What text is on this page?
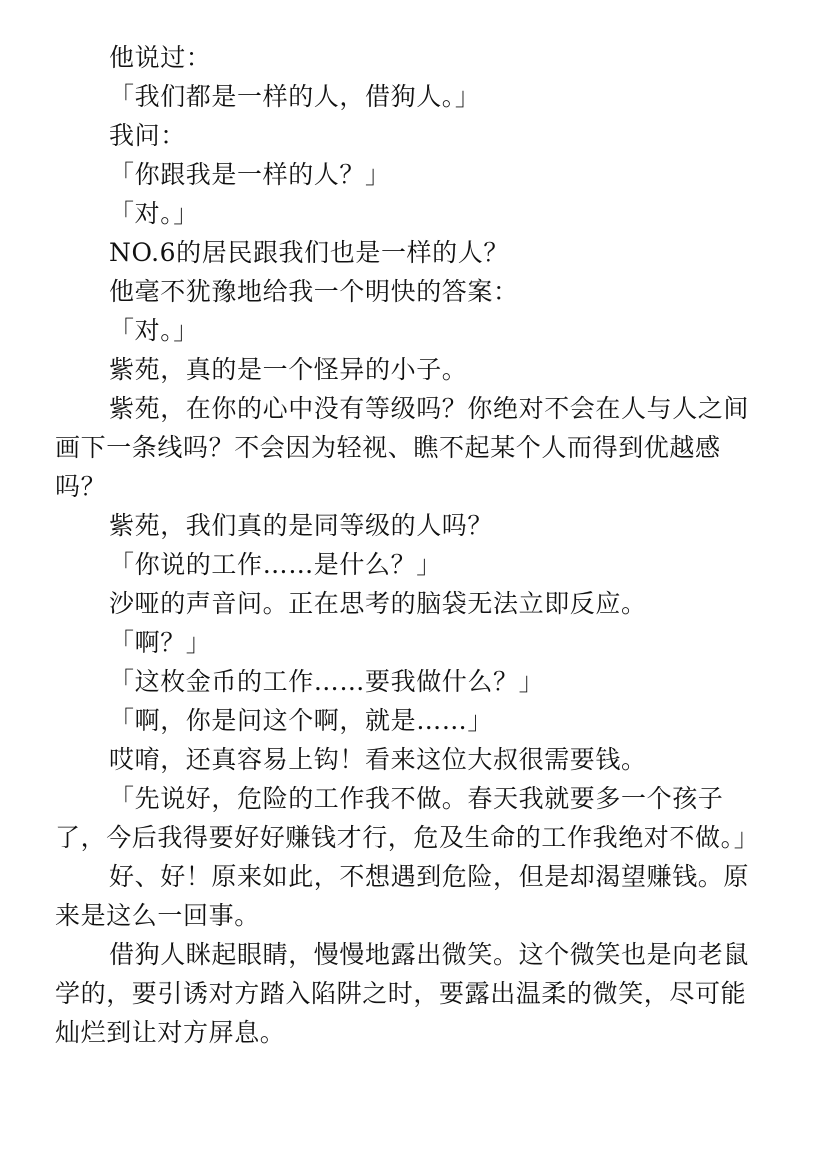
他说过：

「我们都是一样的人，借狗人。」

我问：

「你跟我是一样的人？」

「对。」

NO.6的居民跟我们也是一样的人？

他毫不犹豫地给我一个明快的答案：

「对。」

紫苑，真的是一个怪异的小子。

紫苑，在你的心中没有等级吗？你绝对不会在人与人之间画下一条线吗？不会因为轻视、瞧不起某个人而得到优越感吗？

紫苑，我们真的是同等级的人吗？

「你说的工作……是什么？」

沙哑的声音问。正在思考的脑袋无法立即反应。

「啊？」

「这枚金币的工作……要我做什么？」

「啊，你是问这个啊，就是……」

哎唷，还真容易上钩！看来这位大叔很需要钱。

「先说好，危险的工作我不做。春天我就要多一个孩子了，今后我得要好好赚钱才行，危及生命的工作我绝对不做。」

好、好！原来如此，不想遇到危险，但是却渴望赚钱。原来是这么一回事。

借狗人眯起眼睛，慢慢地露出微笑。这个微笑也是向老鼠学的，要引诱对方踏入陷阱之时，要露出温柔的微笑，尽可能灿烂到让对方屏息。
